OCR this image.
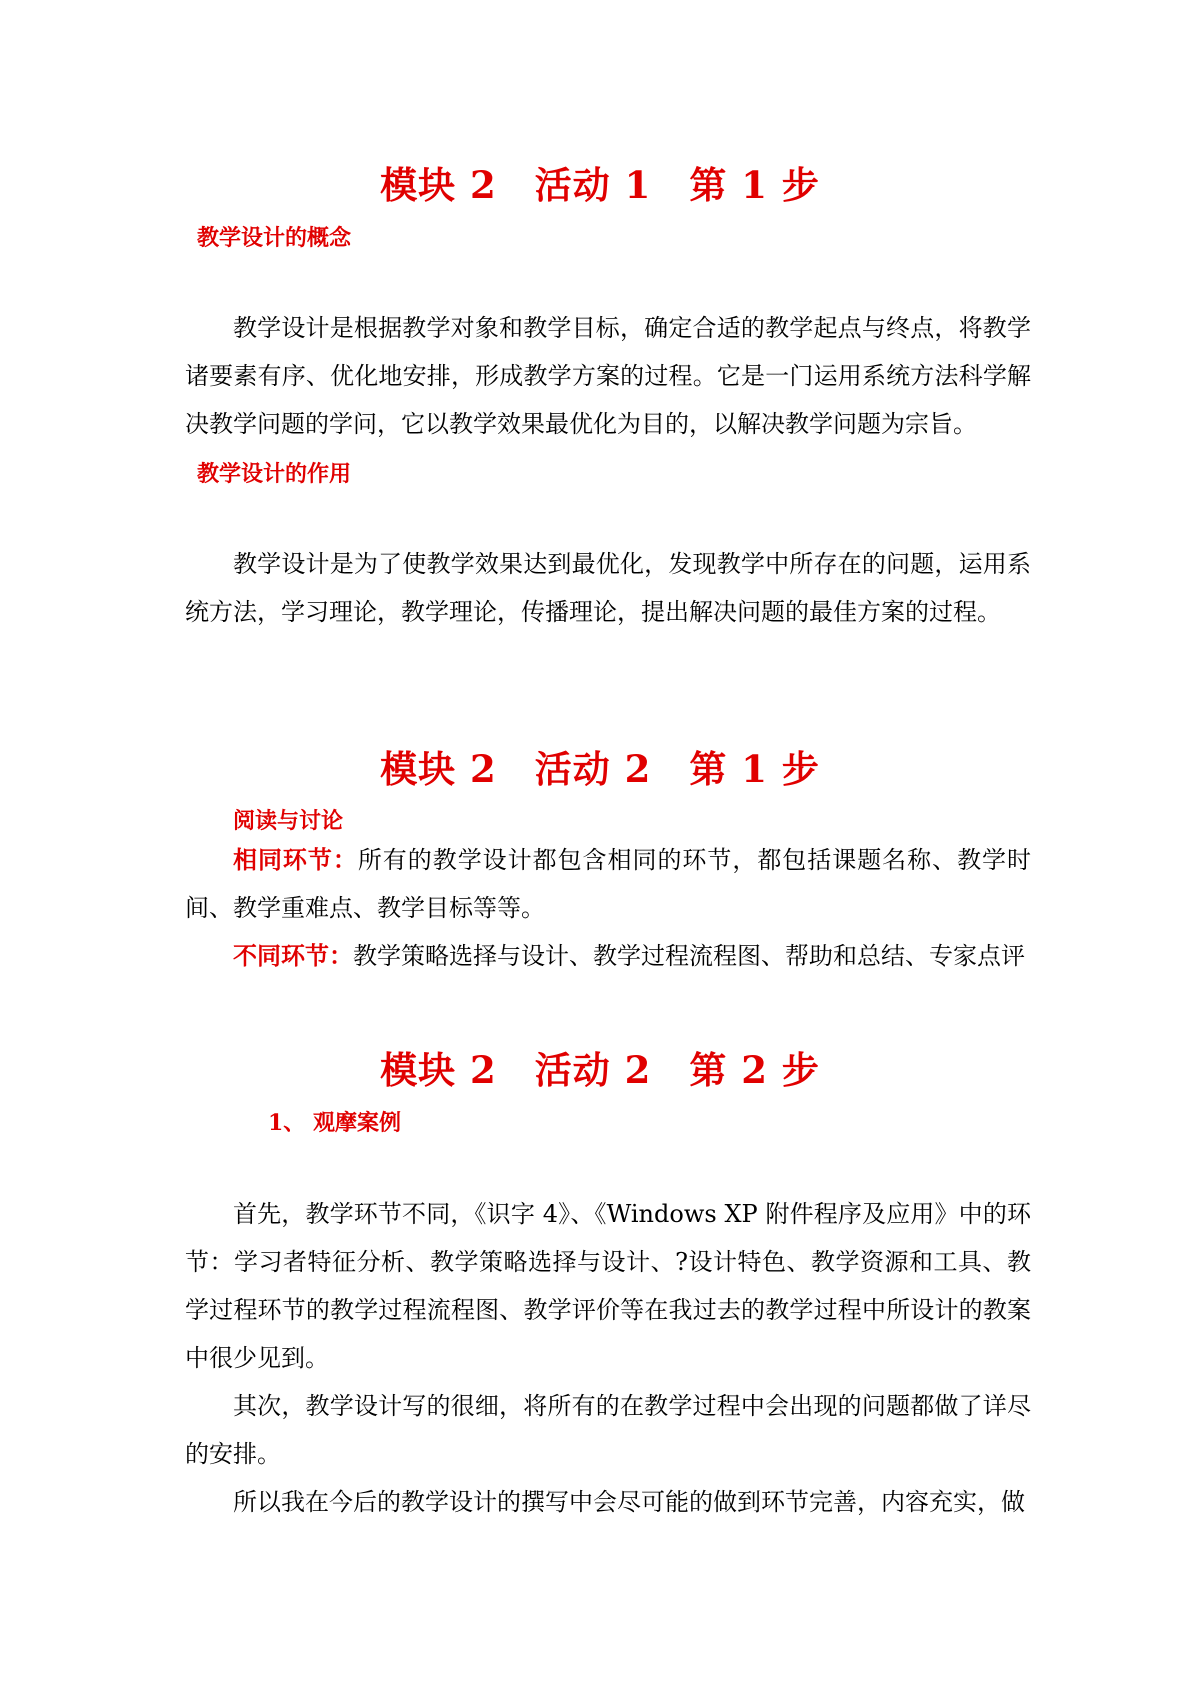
模块 2　活动 1　第 1 步
教学设计的概念

教学设计是根据教学对象和教学目标，确定合适的教学起点与终点，将教学诸要素有序、优化地安排，形成教学方案的过程。它是一门运用系统方法科学解决教学问题的学问，它以教学效果最优化为目的，以解决教学问题为宗旨。

教学设计的作用

教学设计是为了使教学效果达到最优化，发现教学中所存在的问题，运用系统方法，学习理论，教学理论，传播理论，提出解决问题的最佳方案的过程。

模块 2　活动 2　第 1 步
阅读与讨论

相同环节：所有的教学设计都包含相同的环节，都包括课题名称、教学时间、教学重难点、教学目标等等。

不同环节：教学策略选择与设计、教学过程流程图、帮助和总结、专家点评

模块 2　活动 2　第 2 步
1、 观摩案例

首先，教学环节不同，《识字 4》、《Windows XP 附件程序及应用》中的环节：学习者特征分析、教学策略选择与设计、?设计特色、教学资源和工具、教学过程环节的教学过程流程图、教学评价等在我过去的教学过程中所设计的教案中很少见到。

其次，教学设计写的很细，将所有的在教学过程中会出现的问题都做了详尽的安排。

所以我在今后的教学设计的撰写中会尽可能的做到环节完善，内容充实，做
